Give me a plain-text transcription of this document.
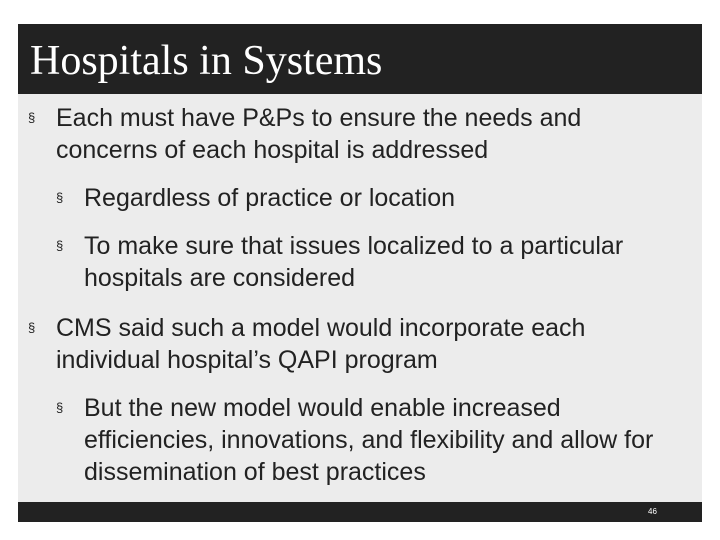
Hospitals in Systems
§ Each must have P&Ps to ensure the needs and concerns of each hospital is addressed
§ Regardless of practice or location
§ To make sure that issues localized to a particular hospitals are considered
§ CMS said such a model would incorporate each individual hospital’s QAPI program
§ But the new model would enable increased efficiencies, innovations, and flexibility and allow for dissemination of best practices
46
